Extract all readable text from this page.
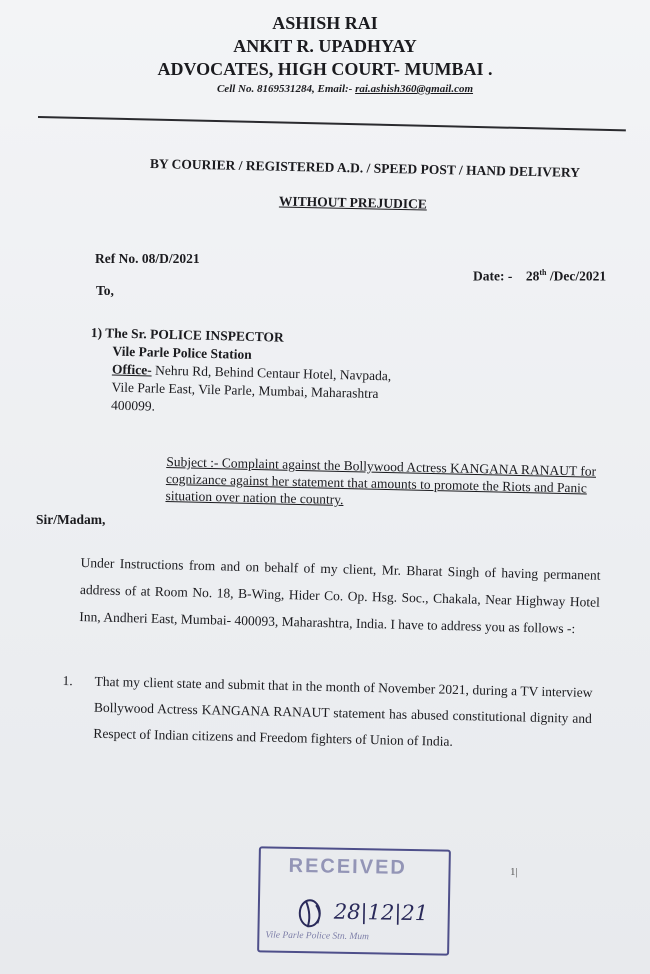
ASHISH RAI
ANKIT R. UPADHYAY
ADVOCATES, HIGH COURT- MUMBAI .
Cell No. 8169531284, Email:- rai.ashish360@gmail.com
BY COURIER / REGISTERED A.D. / SPEED POST / HAND DELIVERY
WITHOUT PREJUDICE
Ref No. 08/D/2021
Date: - 28th /Dec/2021
To,
1) The Sr. POLICE INSPECTOR
Vile Parle Police Station
Office- Nehru Rd, Behind Centaur Hotel, Navpada,
Vile Parle East, Vile Parle, Mumbai, Maharashtra
400099.
Subject :- Complaint against the Bollywood Actress KANGANA RANAUT for cognizance against her statement that amounts to promote the Riots and Panic situation over nation the country.
Sir/Madam,
Under Instructions from and on behalf of my client, Mr. Bharat Singh of having permanent address of at Room No. 18, B-Wing, Hider Co. Op. Hsg. Soc., Chakala, Near Highway Hotel Inn, Andheri East, Mumbai- 400093, Maharashtra, India. I have to address you as follows -:
1. That my client state and submit that in the month of November 2021, during a TV interview Bollywood Actress KANGANA RANAUT statement has abused constitutional dignity and Respect of Indian citizens and Freedom fighters of Union of India.
RECEIVED
28|12|21
Vile Parle Police Stn. Mum
1|
